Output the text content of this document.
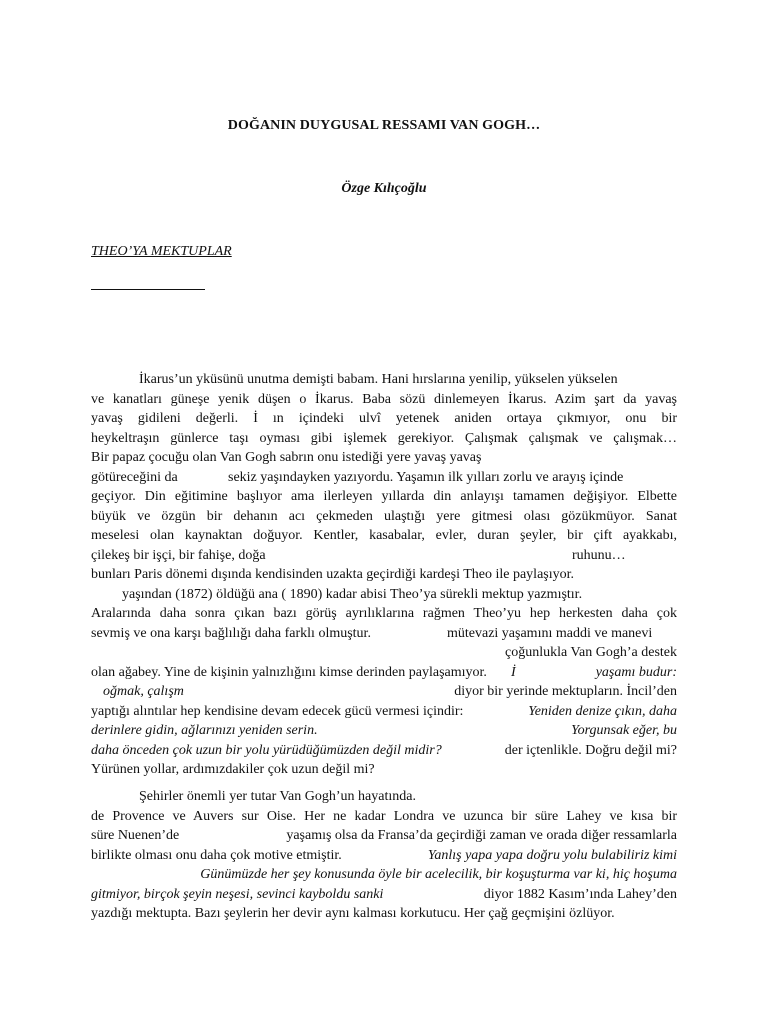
DOĞANIN DUYGUSAL RESSAMI VAN GOGH…
Özge Kılıçoğlu
THEO’YA MEKTUPLAR
İkarus’un yküsünü unutma demişti babam. Hani hırslarına yenilip, yükselen yükselen
ve kanatları güneşe yenik düşen o İkarus. Baba sözü dinlemeyen İkarus. Azim şart da yavaş
yavaş gidileni değerli. İ ın içindeki ulvî yetenek aniden ortaya çıkmıyor, onu bir
heykeltraşın günlerce taşı oyması gibi işlemek gerekiyor. Çalışmak çalışmak ve çalışmak…
Bir papaz çocuğu olan Van Gogh sabrın onu istediği yere yavaş yavaş
götüreceğini da	sekiz yaşındayken yazıyordu. Yaşamın ilk yılları zorlu ve arayış içinde
geçiyor. Din eğitimine başlıyor ama ilerleyen yıllarda din anlayışı tamamen değişiyor. Elbette
büyük ve özgün bir dehanın acı çekmeden ulaştığı yere gitmesi olası gözükmüyor. Sanat
meselesi olan kaynaktan doğuyor. Kentler, kasabalar, evler, duran şeyler, bir çift ayakkabı,
çilekeş bir işçi, bir fahişe, doğa	ruhunu…
bunları Paris dönemi dışında kendisinden uzakta geçirdiği kardeşi Theo ile paylaşıyor.
yaşından (1872) öldüğü ana ( 1890) kadar abisi Theo’ya sürekli mektup yazmıştır.
Aralarında daha sonra çıkan bazı görüş ayrılıklarına rağmen Theo’yu hep herkesten daha çok
sevmiş ve ona karşı bağlılığı daha farklı olmuştur.	mütevazi yaşamını maddi ve manevi
çoğunlukla Van Gogh’a destek
olan ağabey. Yine de kişinin yalnızlığını kimse derinden paylaşamıyor. İ	yaşamı budur:
oğmak, çalışm	diyor bir yerinde mektupların. İncil’den
yaptığı alıntılar hep kendisine devam edecek gücü vermesi içindir:	Yeniden denize çıkın, daha
derinlere gidin, ağlarınızı yeniden serin.	Yorgunsak eğer, bu
daha önceden çok uzun bir yolu yürüdüğümüzden değil midir?	der içtenlikle. Doğru değil mi?
Yürünen yollar, ardımızdakiler çok uzun değil mi?
Şehirler önemli yer tutar Van Gogh’un hayatında.
de Provence ve Auvers sur Oise. Her ne kadar Londra ve uzunca bir süre Lahey ve kısa bir
süre Nuenen’de	yaşamış olsa da Fransa’da geçirdiği zaman ve orada diğer ressamlarla
birlikte olması onu daha çok motive etmiştir.	Yanlış yapa yapa doğru yolu bulabiliriz kimi
Günümüzde her şey konusunda öyle bir acelecilik, bir koşuşturma var ki, hiç hoşuma
gitmiyor, birçok şeyin neşesi, sevinci kayboldu sanki	diyor 1882 Kasım’ında Lahey’den
yazdığı mektupta. Bazı şeylerin her devir aynı kalması korkutucu. Her çağ geçmişini özlüyor.
